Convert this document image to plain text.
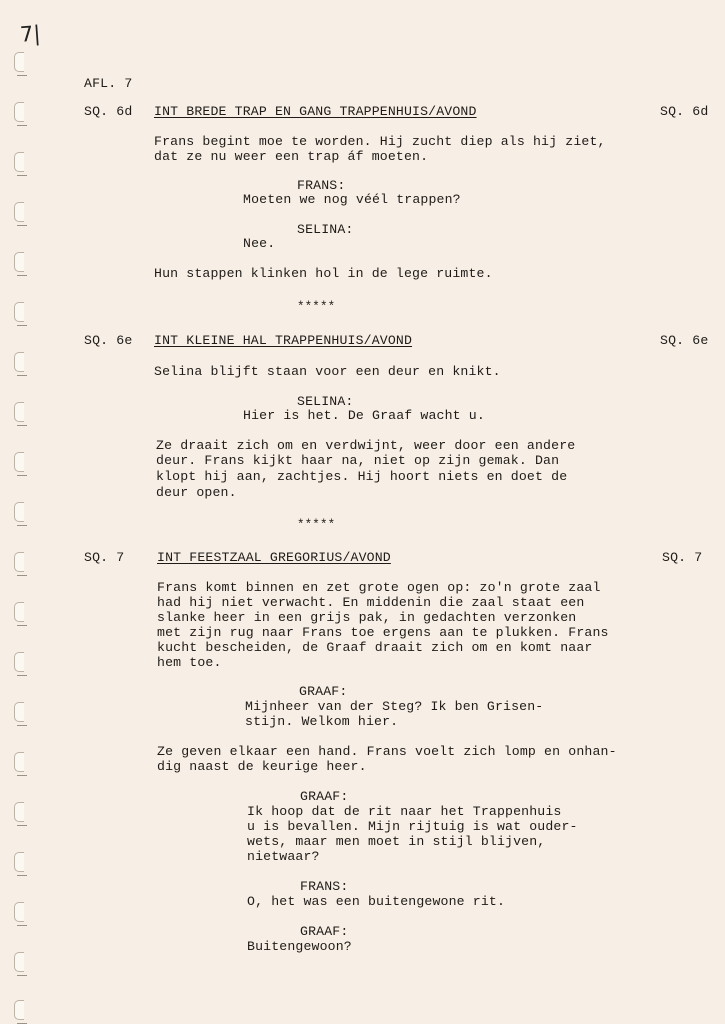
7|
AFL. 7
SQ. 6d INT BREDE TRAP EN GANG TRAPPENHUIS/AVOND	SQ. 6d
Frans begint moe te worden. Hij zucht diep als hij ziet,
dat ze nu weer een trap áf moeten.
FRANS:
Moeten we nog véél trappen?
SELINA:
Nee.
Hun stappen klinken hol in de lege ruimte.
*****
SQ. 6e INT KLEINE HAL TRAPPENHUIS/AVOND	SQ. 6e
Selina blijft staan voor een deur en knikt.
SELINA:
Hier is het. De Graaf wacht u.
Ze draait zich om en verdwijnt, weer door een andere
deur. Frans kijkt haar na, niet op zijn gemak. Dan
klopt hij aan, zachtjes. Hij hoort niets en doet de
deur open.
*****
SQ. 7 INT FEESTZAAL GREGORIUS/AVOND	SQ. 7
Frans komt binnen en zet grote ogen op: zo'n grote zaal
had hij niet verwacht. En middenin die zaal staat een
slanke heer in een grijs pak, in gedachten verzonken
met zijn rug naar Frans toe ergens aan te plukken. Frans
kucht bescheiden, de Graaf draait zich om en komt naar
hem toe.
GRAAF:
Mijnheer van der Steg? Ik ben Grisen-
stijn. Welkom hier.
Ze geven elkaar een hand. Frans voelt zich lomp en onhan-
dig naast de keurige heer.
GRAAF:
Ik hoop dat de rit naar het Trappenhuis
u is bevallen. Mijn rijtuig is wat ouder-
wets, maar men moet in stijl blijven,
nietwaar?
FRANS:
O, het was een buitengewone rit.
GRAAF:
Buitengewoon?
